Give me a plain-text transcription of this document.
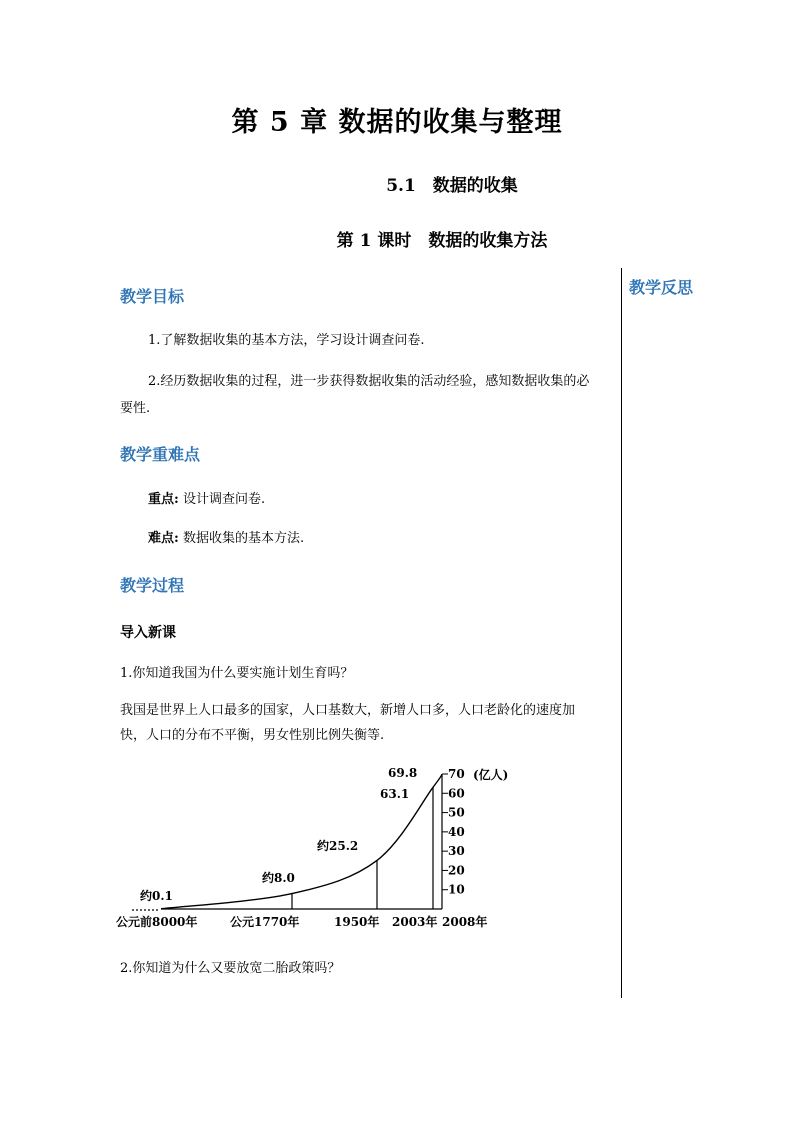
第 5 章 数据的收集与整理
5.1　数据的收集
第 1 课时　数据的收集方法
教学反思
教学目标
1.了解数据收集的基本方法，学习设计调查问卷.
2.经历数据收集的过程，进一步获得数据收集的活动经验，感知数据收集的必
要性.
教学重难点
重点: 设计调查问卷.
难点: 数据收集的基本方法.
教学过程
导入新课
1.你知道我国为什么要实施计划生育吗？
我国是世界上人口最多的国家，人口基数大，新增人口多，人口老龄化的速度加
快，人口的分布不平衡，男女性别比例失衡等.
10
20
30
40
50
60
70 (亿人)
约0.1
约8.0
约25.2
63.1
69.8
公元前8000年	公元1770年	1950年 2003年 2008年
2.你知道为什么又要放宽二胎政策吗？
